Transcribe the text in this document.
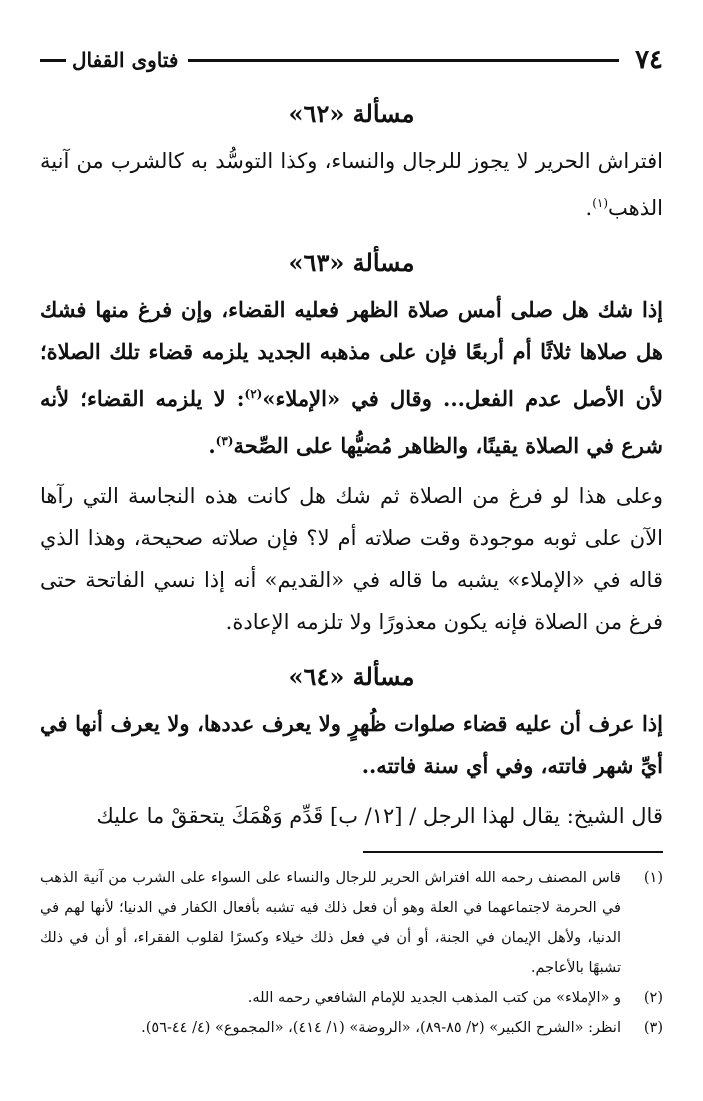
٧٤
فتاوى القفال
مسألة «٦٢»

افتراش الحرير لا يجوز للرجال والنساء، وكذا التوسُّد به كالشرب من آنية الذهب$^{(١)}$.

مسألة «٦٣»

إذا شك هل صلى أمس صلاة الظهر فعليه القضاء، وإن فرغ منها فشك هل صلاها ثلاثًا أم أربعًا فإن على مذهبه الجديد يلزمه قضاء تلك الصلاة؛ لأن الأصل عدم الفعل... وقال في «الإملاء»$^{(٢)}$: لا يلزمه القضاء؛ لأنه شرع في الصلاة يقينًا، والظاهر مُضيُّها على الصِّحة$^{(٣)}$.

وعلى هذا لو فرغ من الصلاة ثم شك هل كانت هذه النجاسة التي رآها الآن على ثوبه موجودة وقت صلاته أم لا؟ فإن صلاته صحيحة، وهذا الذي قاله في «الإملاء» يشبه ما قاله في «القديم» أنه إذا نسي الفاتحة حتى فرغ من الصلاة فإنه يكون معذورًا ولا تلزمه الإعادة.

مسألة «٦٤»

إذا عرف أن عليه قضاء صلوات ظُهرٍ ولا يعرف عددها، ولا يعرف أنها في أيِّ شهر فاتته، وفي أي سنة فاتته..

قال الشيخ: يقال لهذا الرجل / [١٢/ ب] قَدِّم وَهْمَكَ يتحققْ ما عليك

(١)
قاس المصنف رحمه الله افتراش الحرير للرجال والنساء على السواء على الشرب من آنية الذهب في الحرمة لاجتماعهما في العلة وهو أن فعل ذلك فيه تشبه بأفعال الكفار في الدنيا؛ لأنها لهم في الدنيا، ولأهل الإيمان في الجنة، أو أن في فعل ذلك خيلاء وكسرًا لقلوب الفقراء، أو أن في ذلك تشبهًا بالأعاجم.
(٢)
و «الإملاء» من كتب المذهب الجديد للإمام الشافعي رحمه الله.
(٣)
انظر: «الشرح الكبير» (٢/ ٨٥-٨٩)، «الروضة» (١/ ٤١٤)، «المجموع» (٤/ ٤٤-٥٦).
